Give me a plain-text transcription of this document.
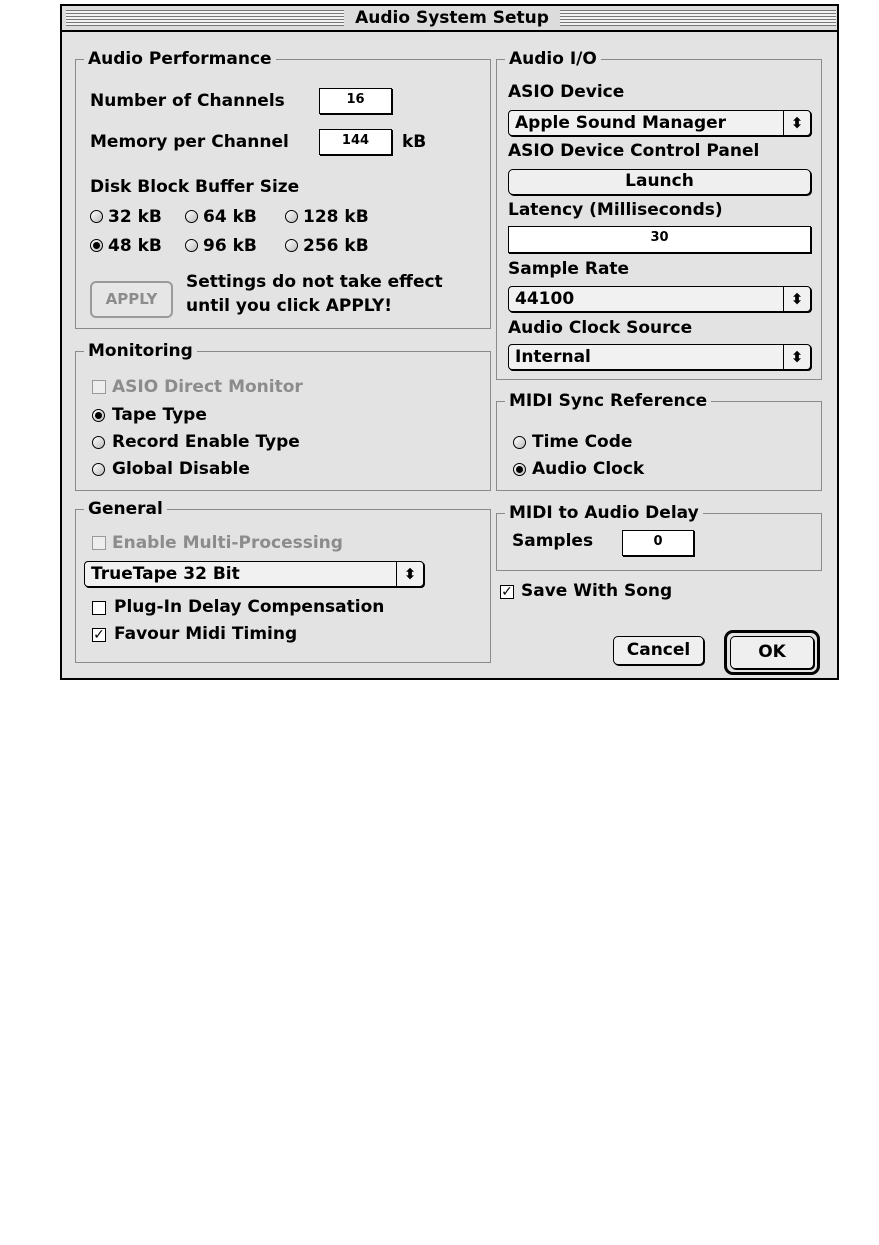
Audio System Setup
Audio Performance
Number of Channels	16
Memory per Channel	144	kB
Disk Block Buffer Size
32 kB 64 kB	128 kB
48 kB 96 kB	256 kB
APPLY
Settings do not take effect
until you click APPLY!
Monitoring
ASIO Direct Monitor
Tape Type
Record Enable Type
Global Disable
General
Enable Multi-Processing
TrueTape 32 Bit	⬍
Plug-In Delay Compensation
✓ Favour Midi Timing
Audio I/O
ASIO Device
Apple Sound Manager	⬍
ASIO Device Control Panel
Launch
Latency (Milliseconds)
30
Sample Rate
44100	⬍
Audio Clock Source
Internal	⬍
MIDI Sync Reference
Time Code
Audio Clock
MIDI to Audio Delay
Samples	0
✓ Save With Song
Cancel	OK
